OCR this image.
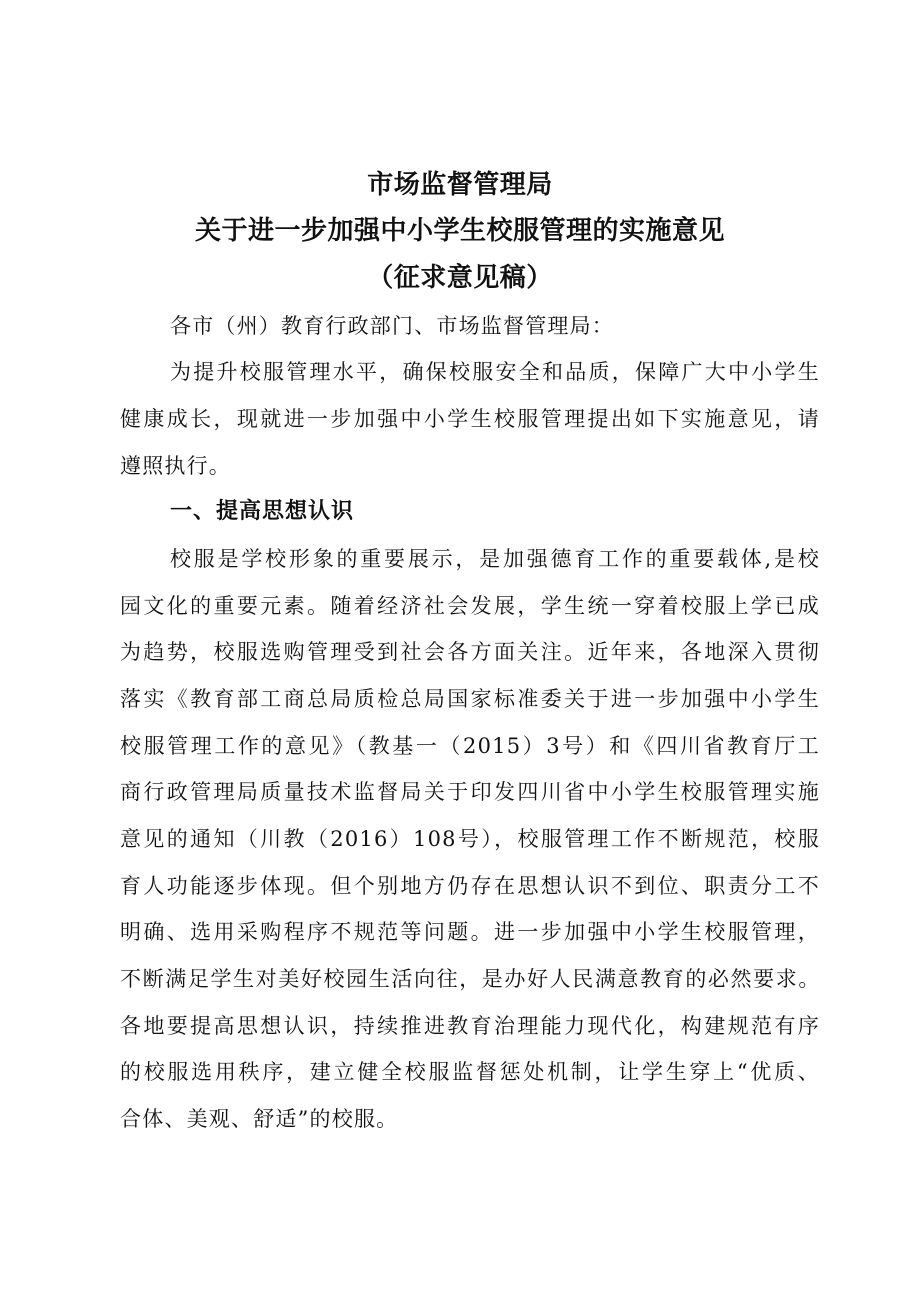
市场监督管理局
关于进一步加强中小学生校服管理的实施意见
（征求意见稿）
各市（州）教育行政部门、市场监督管理局：
为提升校服管理水平，确保校服安全和品质，保障广大中小学生
健康成长，现就进一步加强中小学生校服管理提出如下实施意见，请
遵照执行。
一、提高思想认识
校服是学校形象的重要展示，是加强德育工作的重要载体,是校
园文化的重要元素。随着经济社会发展，学生统一穿着校服上学已成
为趋势，校服选购管理受到社会各方面关注。近年来，各地深入贯彻
落实《教育部工商总局质检总局国家标准委关于进一步加强中小学生
校服管理工作的意见》（教基一（2015）3号）和《四川省教育厅工
商行政管理局质量技术监督局关于印发四川省中小学生校服管理实施
意见的通知（川教（2016）108号），校服管理工作不断规范，校服
育人功能逐步体现。但个别地方仍存在思想认识不到位、职责分工不
明确、选用采购程序不规范等问题。进一步加强中小学生校服管理，
不断满足学生对美好校园生活向往，是办好人民满意教育的必然要求。
各地要提高思想认识，持续推进教育治理能力现代化，构建规范有序
的校服选用秩序，建立健全校服监督惩处机制，让学生穿上“优质、
合体、美观、舒适”的校服。
